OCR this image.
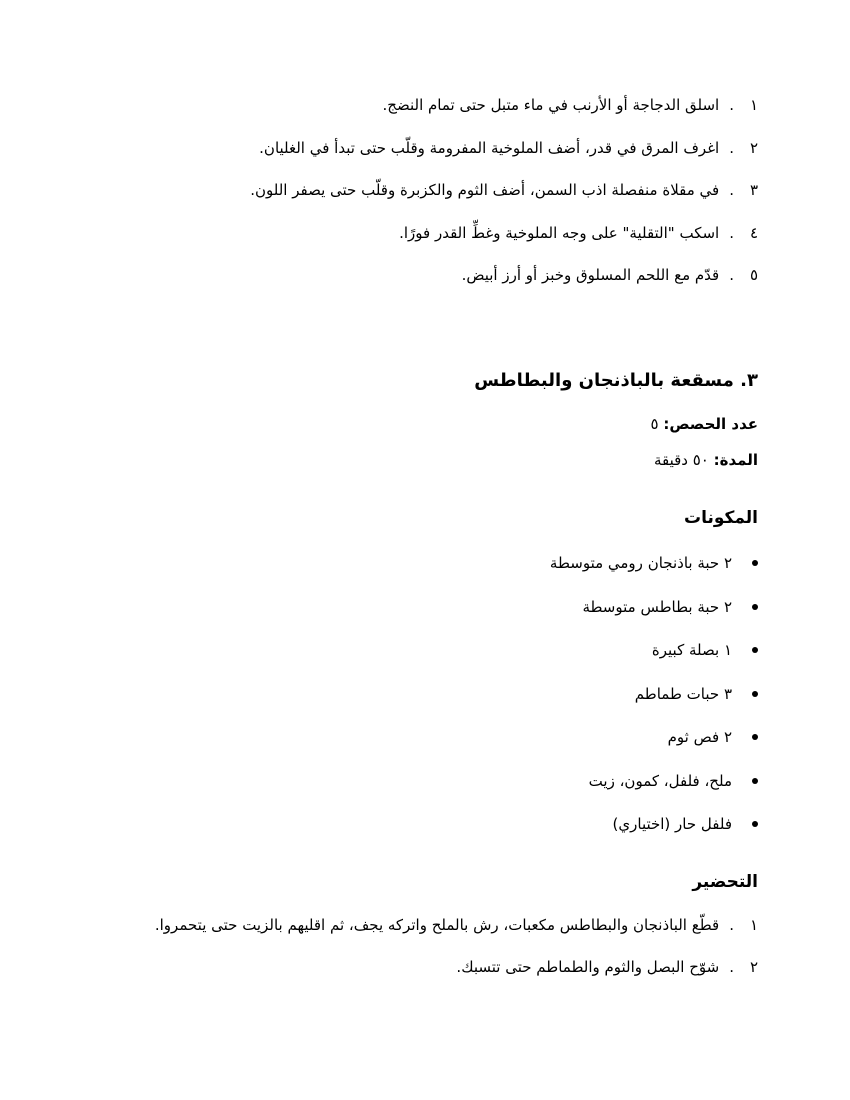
١
.
اسلق الدجاجة أو الأرنب في ماء متبل حتى تمام النضج.
٢
.
اغرف المرق في قدر، أضف الملوخية المفرومة وقلّب حتى تبدأ في الغليان.
٣
.
في مقلاة منفصلة اذب السمن، أضف الثوم والكزبرة وقلّب حتى يصفر اللون.
٤
.
اسكب "التقلية" على وجه الملوخية وغطِّ القدر فورًا.
٥
.
قدّم مع اللحم المسلوق وخبز أو أرز أبيض.
٣. مسقعة بالباذنجان والبطاطس

عدد الحصص: ٥

المدة: ٥٠ دقيقة

المكونات
٢ حبة باذنجان رومي متوسطة
٢ حبة بطاطس متوسطة
١ بصلة كبيرة
٣ حبات طماطم
٢ فص ثوم
ملح، فلفل، كمون، زيت
فلفل حار (اختياري)
التحضير
١
.
قطّع الباذنجان والبطاطس مكعبات، رش بالملح واتركه يجف، ثم اقليهم بالزيت حتى يتحمروا.
٢
.
شوّح البصل والثوم والطماطم حتى تتسبك.
